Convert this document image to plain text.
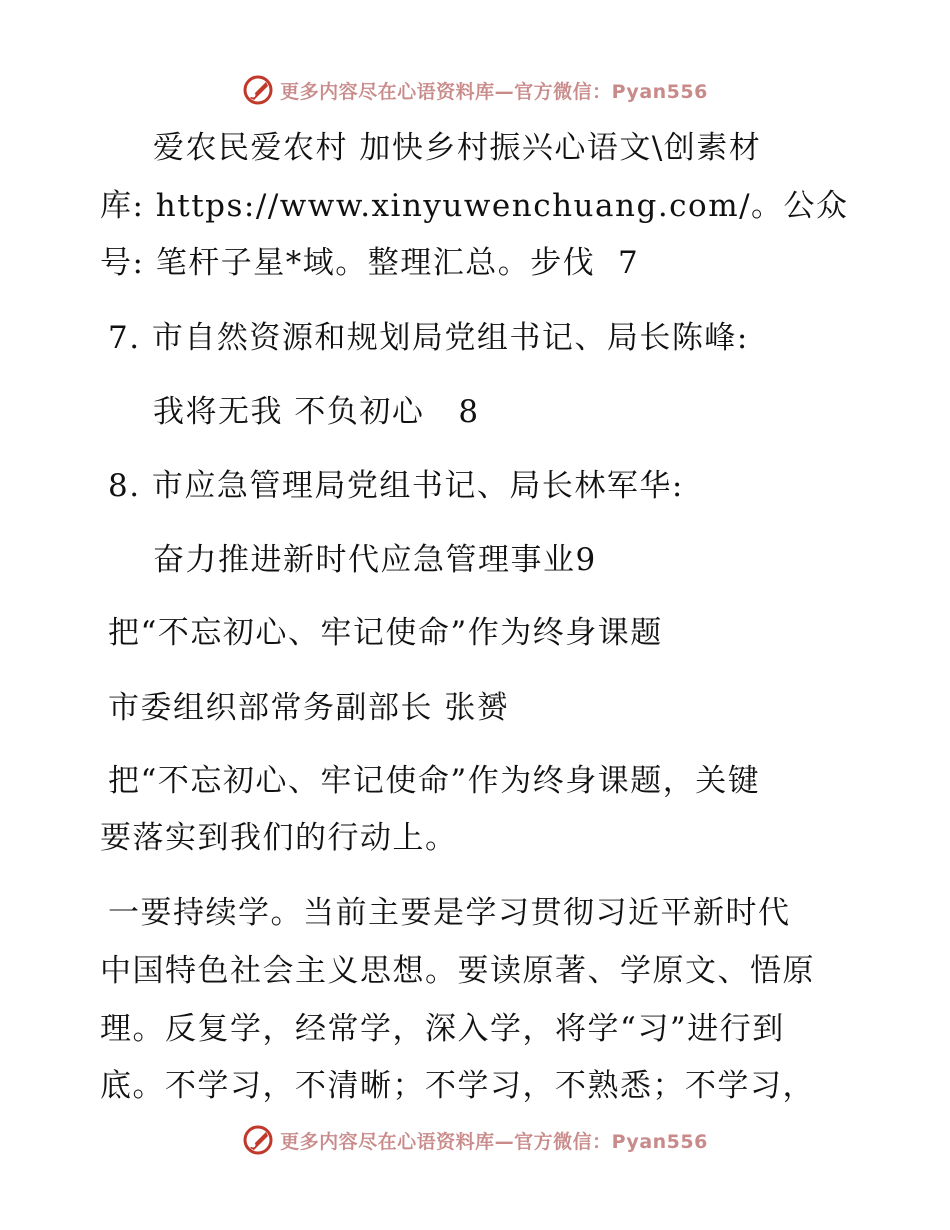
更多内容尽在心语资料库—官方微信：Pyan556
爱农民爱农村 加快乡村振兴心语文\创素材
库: https://www.xinyuwenchuang.com/。公众
号: 笔杆子星*域。整理汇总。步伐  7
7. 市自然资源和规划局党组书记、局长陈峰:
我将无我 不负初心   8
8. 市应急管理局党组书记、局长林军华:
奋力推进新时代应急管理事业9
把“不忘初心、牢记使命”作为终身课题
市委组织部常务副部长 张赟
把“不忘初心、牢记使命”作为终身课题，关键
要落实到我们的行动上。
一要持续学。当前主要是学习贯彻习近平新时代
中国特色社会主义思想。要读原著、学原文、悟原
理。反复学，经常学，深入学，将学“习”进行到
底。不学习，不清晰；不学习，不熟悉；不学习，
更多内容尽在心语资料库—官方微信：Pyan556
